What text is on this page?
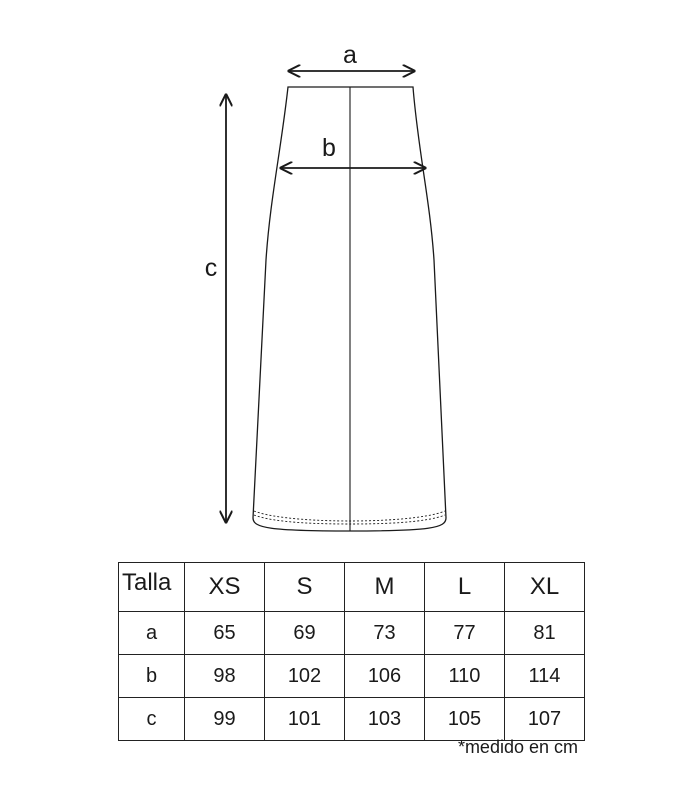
a
b
c
Talla	XS	S	M	L	XL
a	65	69	73	77	81
b	98	102	106	110	114
c	99	101	103	105	107
*medido en cm
